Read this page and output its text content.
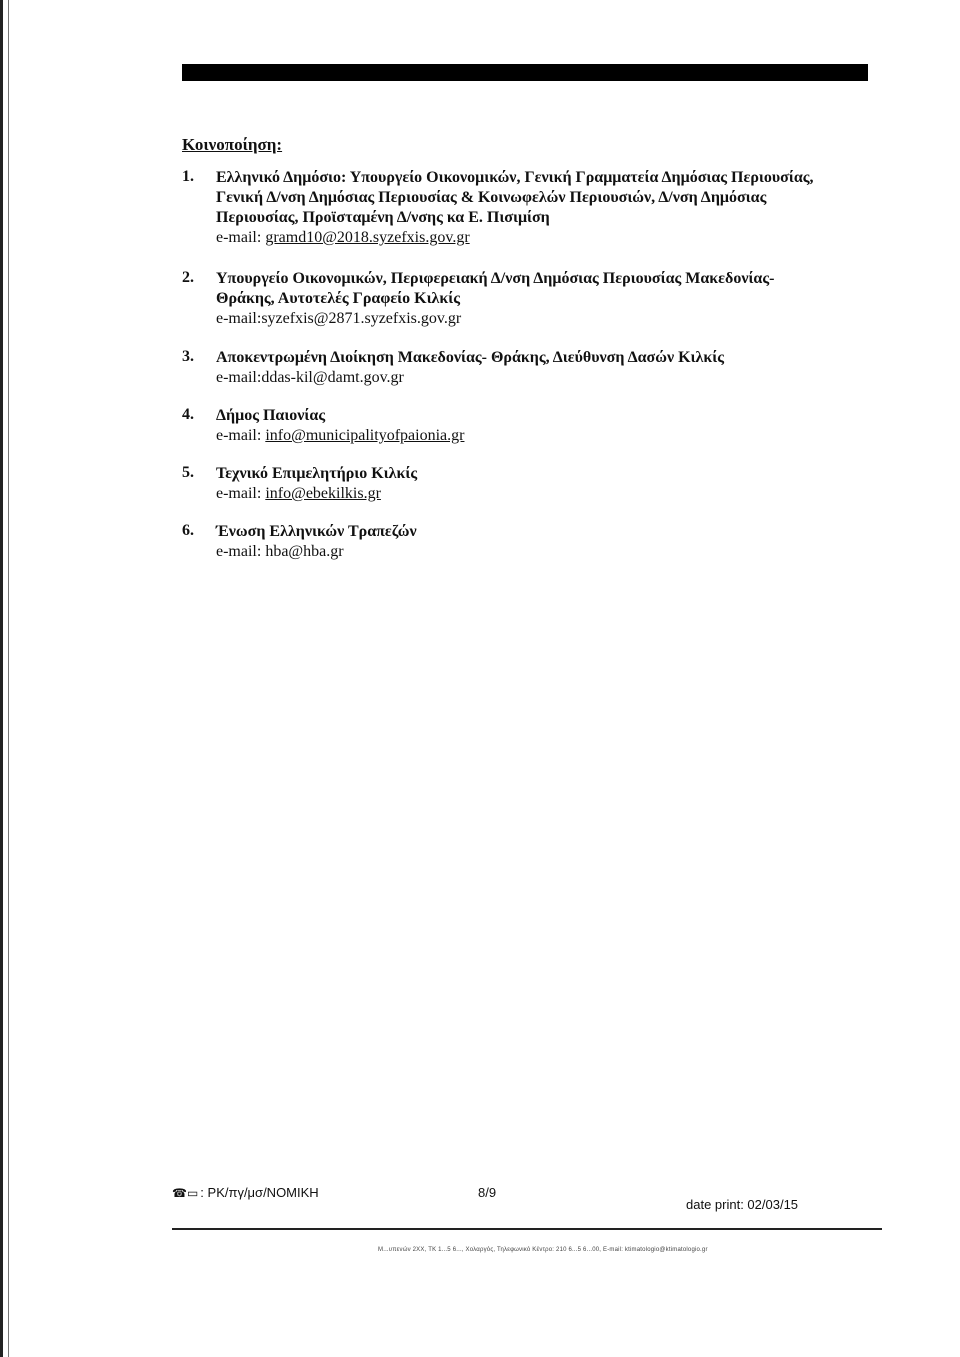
Κοινοποίηση:
1. Ελληνικό Δημόσιο: Υπουργείο Οικονομικών, Γενική Γραμματεία Δημόσιας Περιουσίας,

Γενική Δ/νση Δημόσιας Περιουσίας & Κοινωφελών Περιουσιών, Δ/νση Δημόσιας

Περιουσίας, Προϊσταμένη Δ/νσης κα Ε. Πισιμίση

e-mail: gramd10@2018.syzefxis.gov.gr

2. Υπουργείο Οικονομικών, Περιφερειακή Δ/νση Δημόσιας Περιουσίας Μακεδονίας-

Θράκης, Αυτοτελές Γραφείο Κιλκίς

e-mail:syzefxis@2871.syzefxis.gov.gr

3. Αποκεντρωμένη Διοίκηση Μακεδονίας- Θράκης, Διεύθυνση Δασών Κιλκίς

e-mail:ddas-kil@damt.gov.gr

4. Δήμος Παιονίας

e-mail: info@municipalityofpaionia.gr

5. Τεχνικό Επιμελητήριο Κιλκίς

e-mail: info@ebekilkis.gr

6. Ένωση Ελληνικών Τραπεζών

e-mail: hba@hba.gr

☎▭ : ΡΚ/πγ/μσ/ΝΟΜΙΚΗ	8/9
date print: 02/03/15
Μ...υπενών 2ΧΧ, ΤΚ 1...5 6..., Χολαργός, Τηλεφωνικό Κέντρο: 210 6...5 6...00, E-mail: ktimatologio@ktimatologio.gr
